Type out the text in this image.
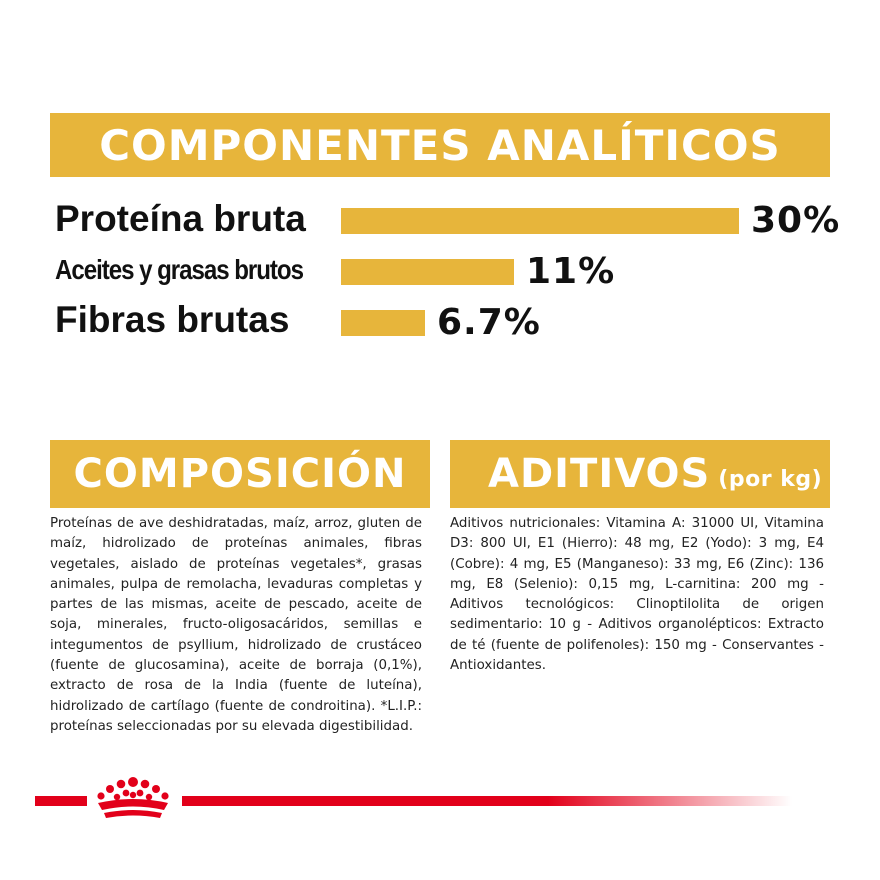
COMPONENTES ANALÍTICOS
Proteína bruta	30%
Aceites y grasas brutos	11%
Fibras brutas	6.7%
COMPOSICIÓN
Proteínas de ave deshidratadas, maíz, arroz, gluten de maíz, hidrolizado de proteínas animales, fibras vegetales, aislado de proteínas vegetales*, grasas animales, pulpa de remolacha, levaduras completas y partes de las mismas, aceite de pescado, aceite de soja, minerales, fructo-oligosacáridos, semillas e integumentos de psyllium, hidrolizado de crustáceo (fuente de glucosamina), aceite de borraja (0,1%), extracto de rosa de la India (fuente de luteína), hidrolizado de cartílago (fuente de condroitina). *L.I.P.: proteínas seleccionadas por su elevada digestibilidad.
ADITIVOS (por kg)
Aditivos nutricionales: Vitamina A: 31000 UI, Vitamina D3: 800 UI, E1 (Hierro): 48 mg, E2 (Yodo): 3 mg, E4 (Cobre): 4 mg, E5 (Manganeso): 33 mg, E6 (Zinc): 136 mg, E8 (Selenio): 0,15 mg, L-carnitina: 200 mg - Aditivos tecnológicos: Clinoptilolita de origen sedimentario: 10 g - Aditivos organolépticos: Extracto de té (fuente de polifenoles): 150 mg - Conservantes - Antioxidantes.
